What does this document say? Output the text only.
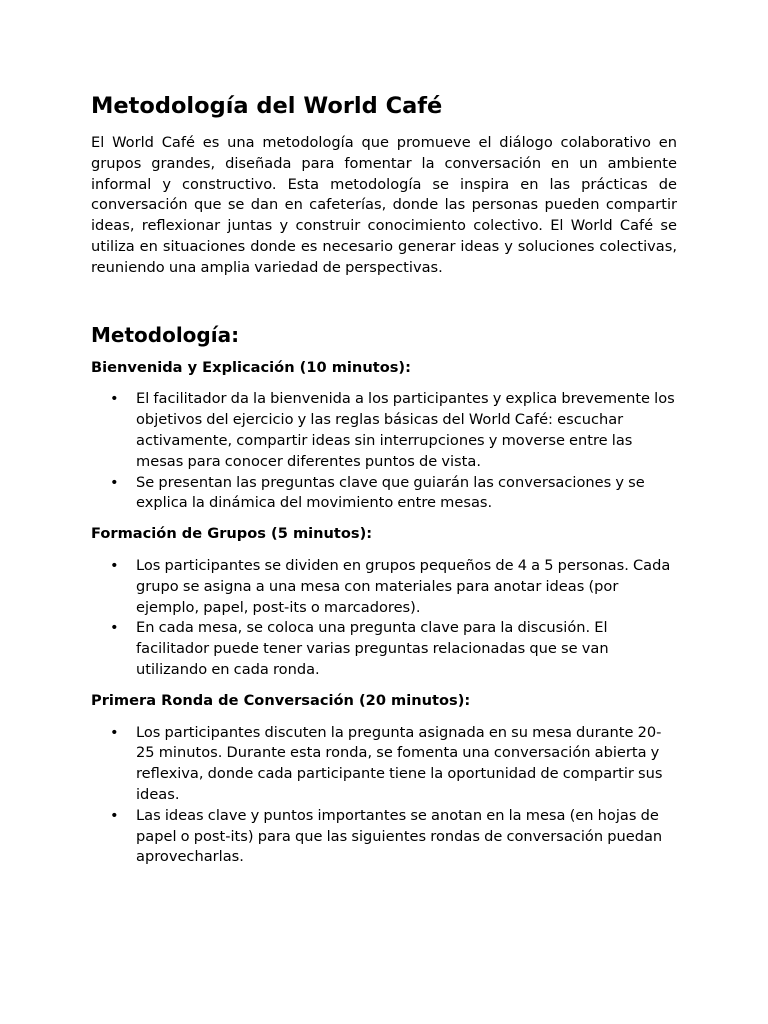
Metodología del World Café

El World Café es una metodología que promueve el diálogo colaborativo en grupos grandes, diseñada para fomentar la conversación en un ambiente informal y constructivo. Esta metodología se inspira en las prácticas de conversación que se dan en cafeterías, donde las personas pueden compartir ideas, reflexionar juntas y construir conocimiento colectivo. El World Café se utiliza en situaciones donde es necesario generar ideas y soluciones colectivas, reuniendo una amplia variedad de perspectivas.

Metodología:
Bienvenida y Explicación (10 minutos):
• El facilitador da la bienvenida a los participantes y explica brevemente los objetivos del ejercicio y las reglas básicas del World Café: escuchar activamente, compartir ideas sin interrupciones y moverse entre las mesas para conocer diferentes puntos de vista.
• Se presentan las preguntas clave que guiarán las conversaciones y se explica la dinámica del movimiento entre mesas.
Formación de Grupos (5 minutos):
• Los participantes se dividen en grupos pequeños de 4 a 5 personas. Cada grupo se asigna a una mesa con materiales para anotar ideas (por ejemplo, papel, post-its o marcadores).
• En cada mesa, se coloca una pregunta clave para la discusión. El facilitador puede tener varias preguntas relacionadas que se van utilizando en cada ronda.
Primera Ronda de Conversación (20 minutos):
• Los participantes discuten la pregunta asignada en su mesa durante 20-25 minutos. Durante esta ronda, se fomenta una conversación abierta y reflexiva, donde cada participante tiene la oportunidad de compartir sus ideas.
• Las ideas clave y puntos importantes se anotan en la mesa (en hojas de papel o post-its) para que las siguientes rondas de conversación puedan aprovecharlas.
